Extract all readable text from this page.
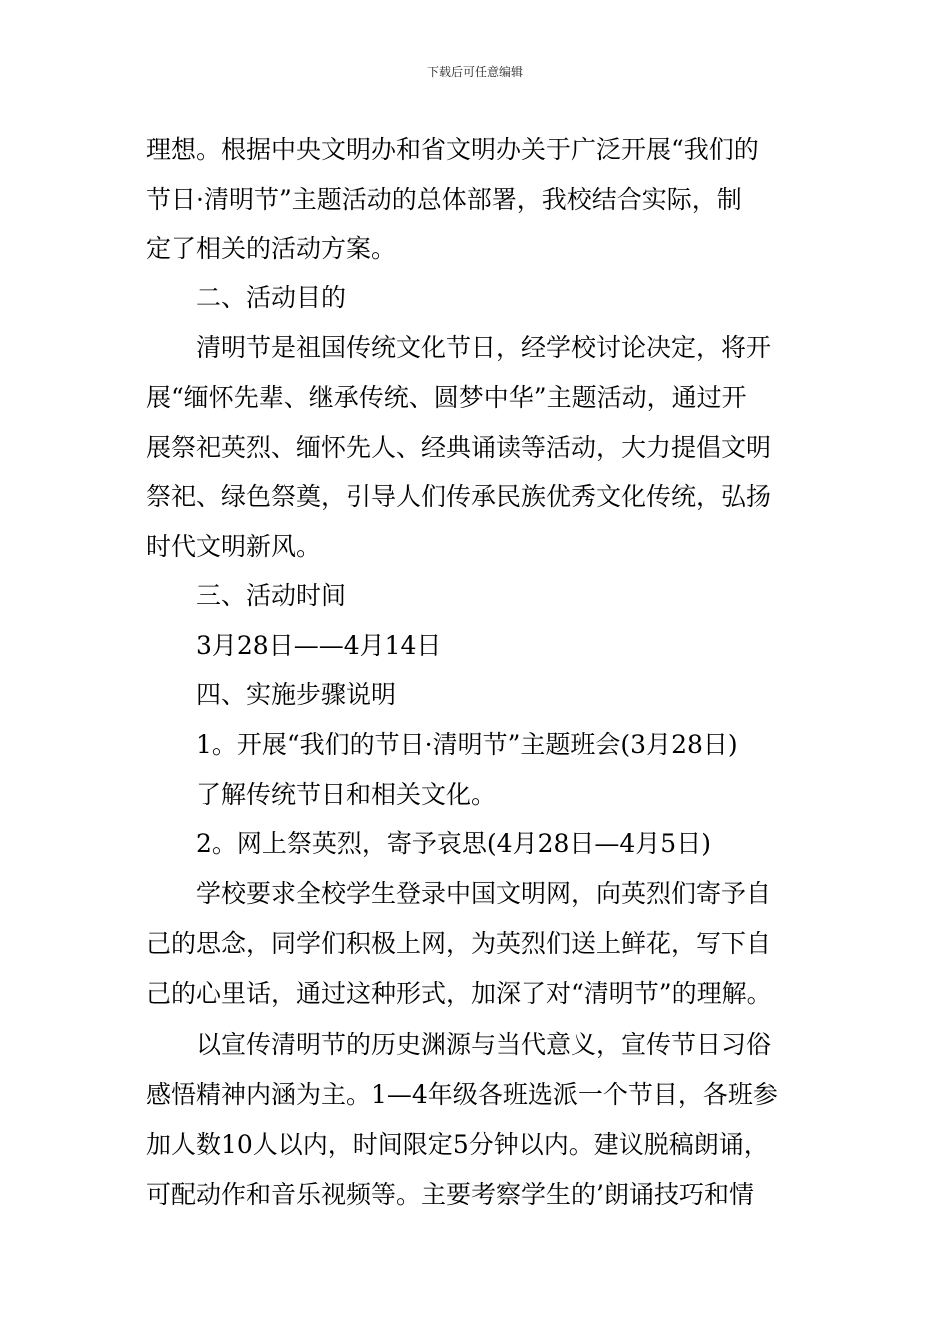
下载后可任意编辑
理想。根据中央文明办和省文明办关于广泛开展“我们的
节日·清明节”主题活动的总体部署，我校结合实际，制
定了相关的活动方案。
二、活动目的
清明节是祖国传统文化节日，经学校讨论决定，将开
展“缅怀先辈、继承传统、圆梦中华”主题活动，通过开
展祭祀英烈、缅怀先人、经典诵读等活动，大力提倡文明
祭祀、绿色祭奠，引导人们传承民族优秀文化传统，弘扬
时代文明新风。
三、活动时间
3月28日——4月14日
四、实施步骤说明
1。开展“我们的节日·清明节”主题班会(3月28日)
了解传统节日和相关文化。
2。网上祭英烈，寄予哀思(4月28日—4月5日)
学校要求全校学生登录中国文明网，向英烈们寄予自
己的思念，同学们积极上网，为英烈们送上鲜花，写下自
己的心里话，通过这种形式，加深了对“清明节”的理解。
以宣传清明节的历史渊源与当代意义，宣传节日习俗
感悟精神内涵为主。1—4年级各班选派一个节目，各班参
加人数10人以内，时间限定5分钟以内。建议脱稿朗诵，
可配动作和音乐视频等。主要考察学生的’朗诵技巧和情
